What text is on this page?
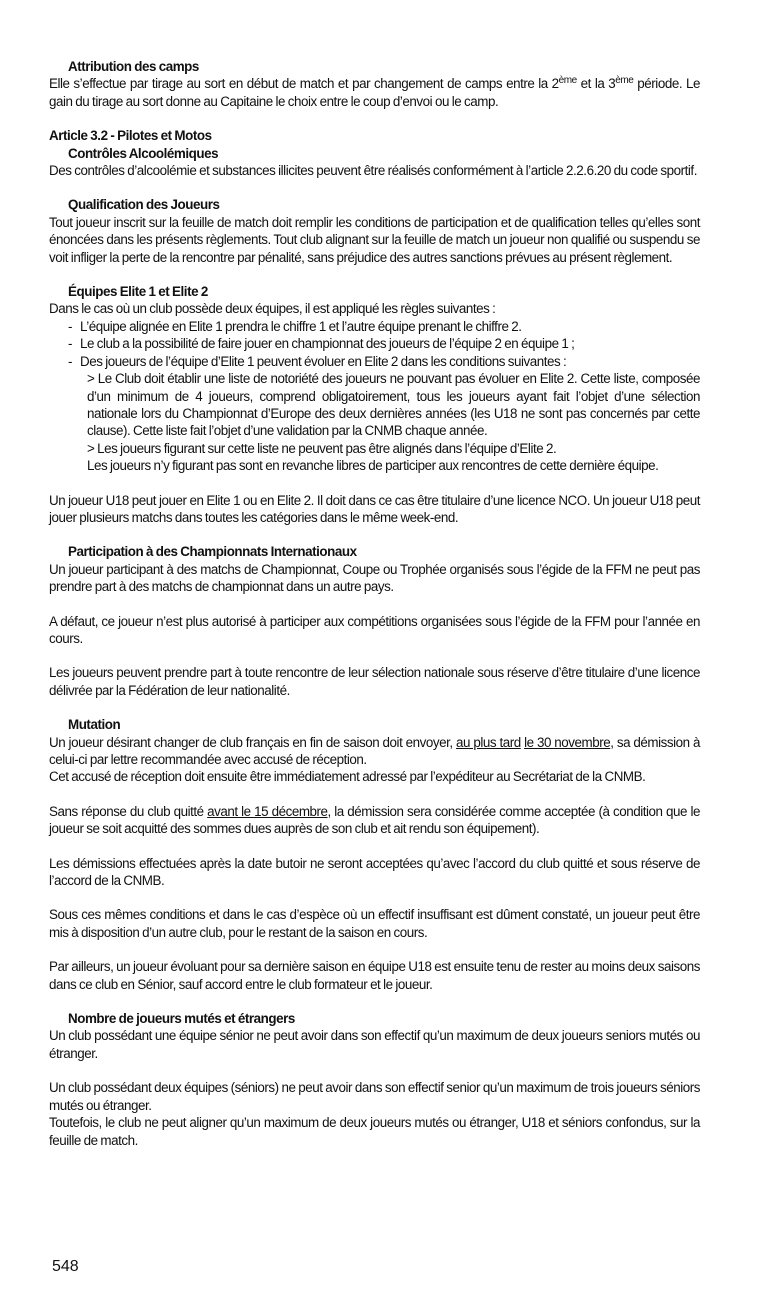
Attribution des camps

Elle s’effectue par tirage au sort en début de match et par changement de camps entre la 2ème et la 3ème période. Le gain du tirage au sort donne au Capitaine le choix entre le coup d’envoi ou le camp.

Article 3.2 - Pilotes et Motos
Contrôles Alcoolémiques

Des contrôles d’alcoolémie et substances illicites peuvent être réalisés conformément à l’article 2.2.6.20 du code sportif.

Qualification des Joueurs

Tout joueur inscrit sur la feuille de match doit remplir les conditions de participation et de qualification telles qu’elles sont énoncées dans les présents règlements. Tout club alignant sur la feuille de match un joueur non qualifié ou suspendu se voit infliger la perte de la rencontre par pénalité, sans préjudice des autres sanctions prévues au présent règlement.

Équipes Elite 1 et Elite 2

Dans le cas où un club possède deux équipes, il est appliqué les règles suivantes :

- L’équipe alignée en Elite 1 prendra le chiffre 1 et l’autre équipe prenant le chiffre 2.
- Le club a la possibilité de faire jouer en championnat des joueurs de l’équipe 2 en équipe 1 ;
- Des joueurs de l’équipe d’Elite 1 peuvent évoluer en Elite 2 dans les conditions suivantes :
> Le Club doit établir une liste de notoriété des joueurs ne pouvant pas évoluer en Elite 2. Cette liste, composée d’un minimum de 4 joueurs, comprend obligatoirement, tous les joueurs ayant fait l’objet d’une sélection nationale lors du Championnat d’Europe des deux dernières années (les U18 ne sont pas concernés par cette clause). Cette liste fait l’objet d’une validation par la CNMB chaque année.
> Les joueurs figurant sur cette liste ne peuvent pas être alignés dans l’équipe d’Elite 2.
Les joueurs n’y figurant pas sont en revanche libres de participer aux rencontres de cette dernière équipe.

Un joueur U18 peut jouer en Elite 1 ou en Elite 2. Il doit dans ce cas être titulaire d’une licence NCO. Un joueur U18 peut jouer plusieurs matchs dans toutes les catégories dans le même week-end.

Participation à des Championnats Internationaux

Un joueur participant à des matchs de Championnat, Coupe ou Trophée organisés sous l’égide de la FFM ne peut pas prendre part à des matchs de championnat dans un autre pays.

A défaut, ce joueur n’est plus autorisé à participer aux compétitions organisées sous l’égide de la FFM pour l’année en cours.

Les joueurs peuvent prendre part à toute rencontre de leur sélection nationale sous réserve d’être titulaire d’une licence délivrée par la Fédération de leur nationalité.

Mutation

Un joueur désirant changer de club français en fin de saison doit envoyer, au plus tard le 30 novembre, sa démission à celui-ci par lettre recommandée avec accusé de réception.

Cet accusé de réception doit ensuite être immédiatement adressé par l’expéditeur au Secrétariat de la CNMB.

Sans réponse du club quitté avant le 15 décembre, la démission sera considérée comme acceptée (à condition que le joueur se soit acquitté des sommes dues auprès de son club et ait rendu son équipement).

Les démissions effectuées après la date butoir ne seront acceptées qu’avec l’accord du club quitté et sous réserve de l’accord de la CNMB.

Sous ces mêmes conditions et dans le cas d’espèce où un effectif insuffisant est dûment constaté, un joueur peut être mis à disposition d’un autre club, pour le restant de la saison en cours.

Par ailleurs, un joueur évoluant pour sa dernière saison en équipe U18 est ensuite tenu de rester au moins deux saisons dans ce club en Sénior, sauf accord entre le club formateur et le joueur.

Nombre de joueurs mutés et étrangers

Un club possédant une équipe sénior ne peut avoir dans son effectif qu’un maximum de deux joueurs seniors mutés ou étranger.

Un club possédant deux équipes (séniors) ne peut avoir dans son effectif senior qu’un maximum de trois joueurs séniors mutés ou étranger.

Toutefois, le club ne peut aligner qu’un maximum de deux joueurs mutés ou étranger, U18 et séniors confondus, sur la feuille de match.

548
